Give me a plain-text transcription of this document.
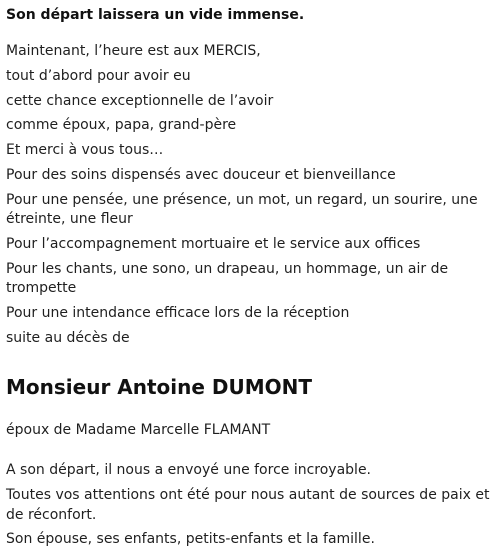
Son départ laissera un vide immense.
Maintenant, l’heure est aux MERCIS,
tout d’abord pour avoir eu
cette chance exceptionnelle de l’avoir
comme époux, papa, grand-père
Et merci à vous tous…
Pour des soins dispensés avec douceur et bienveillance
Pour une pensée, une présence, un mot, un regard, un sourire, une étreinte, une fleur
Pour l’accompagnement mortuaire et le service aux offices
Pour les chants, une sono, un drapeau, un hommage, un air de trompette
Pour une intendance efficace lors de la réception
suite au décès de
Monsieur Antoine DUMONT
époux de Madame Marcelle FLAMANT
A son départ, il nous a envoyé une force incroyable.
Toutes vos attentions ont été pour nous autant de sources de paix et de réconfort.
Son épouse, ses enfants, petits-enfants et la famille.
